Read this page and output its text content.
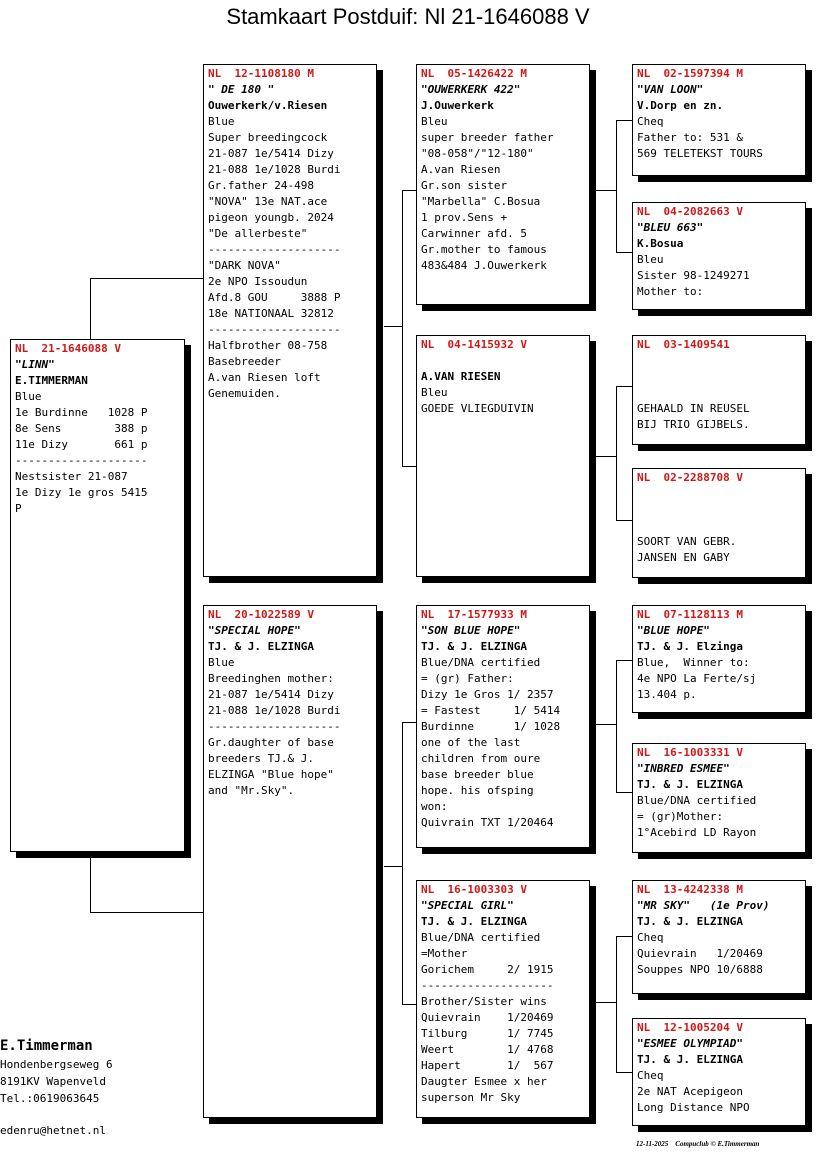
Stamkaart Postduif: Nl 21-1646088 V
NL  21-1646088 V
"LINN"
E.TIMMERMAN
Blue
1e Burdinne   1028 P
8e Sens        388 p
11e Dizy       661 p
--------------------
Nestsister 21-087
1e Dizy 1e gros 5415
P
NL  12-1108180 M
" DE 180 "
Ouwerkerk/v.Riesen
Blue
Super breedingcock
21-087 1e/5414 Dizy
21-088 1e/1028 Burdi
Gr.father 24-498
"NOVA" 13e NAT.ace
pigeon youngb. 2024
"De allerbeste"
--------------------
"DARK NOVA"
2e NPO Issoudun
Afd.8 GOU     3888 P
18e NATIONAAL 32812
--------------------
Halfbrother 08-758
Basebreeder
A.van Riesen loft
Genemuiden.
NL  20-1022589 V
"SPECIAL HOPE"
TJ. & J. ELZINGA
Blue
Breedinghen mother:
21-087 1e/5414 Dizy
21-088 1e/1028 Burdi
--------------------
Gr.daughter of base
breeders TJ.& J.
ELZINGA "Blue hope"
and "Mr.Sky".
NL  05-1426422 M
"OUWERKERK 422"
J.Ouwerkerk
Bleu
super breeder father
"08-058"/"12-180"
A.van Riesen
Gr.son sister
"Marbella" C.Bosua
1 prov.Sens +
Carwinner afd. 5
Gr.mother to famous
483&484 J.Ouwerkerk
NL  04-1415932 V
A.VAN RIESEN
Bleu
GOEDE VLIEGDUIVIN
NL  17-1577933 M
"SON BLUE HOPE"
TJ. & J. ELZINGA
Blue/DNA certified
= (gr) Father:
Dizy 1e Gros 1/ 2357
= Fastest     1/ 5414
Burdinne      1/ 1028
one of the last
children from oure
base breeder blue
hope. his ofsping
won:
Quivrain TXT 1/20464
NL  16-1003303 V
"SPECIAL GIRL"
TJ. & J. ELZINGA
Blue/DNA certified
=Mother
Gorichem     2/ 1915
--------------------
Brother/Sister wins
Quievrain    1/20469
Tilburg      1/ 7745
Weert        1/ 4768
Hapert       1/  567
Daugter Esmee x her
superson Mr Sky
NL  02-1597394 M
"VAN LOON"
V.Dorp en zn.
Cheq
Father to: 531 &
569 TELETEKST TOURS
NL  04-2082663 V
"BLEU 663"
K.Bosua
Bleu
Sister 98-1249271
Mother to:
NL  03-1409541
GEHAALD IN REUSEL
BIJ TRIO GIJBELS.
NL  02-2288708 V
SOORT VAN GEBR.
JANSEN EN GABY
NL  07-1128113 M
"BLUE HOPE"
TJ. & J. Elzinga
Blue,  Winner to:
4e NPO La Ferte/sj
13.404 p.
NL  16-1003331 V
"INBRED ESMEE"
TJ. & J. ELZINGA
Blue/DNA certified
= (gr)Mother:
1°Acebird LD Rayon
NL  13-4242338 M
"MR SKY"   (1e Prov)
TJ. & J. ELZINGA
Cheq
Quievrain   1/20469
Souppes NPO 10/6888
NL  12-1005204 V
"ESMEE OLYMPIAD"
TJ. & J. ELZINGA
Cheq
2e NAT Acepigeon
Long Distance NPO
E.Timmerman
Hondenbergseweg 6
8191KV Wapenveld
Tel.:0619063645
edenru@hetnet.nl
12-11-2025 Compuclub © E.Timmerman
